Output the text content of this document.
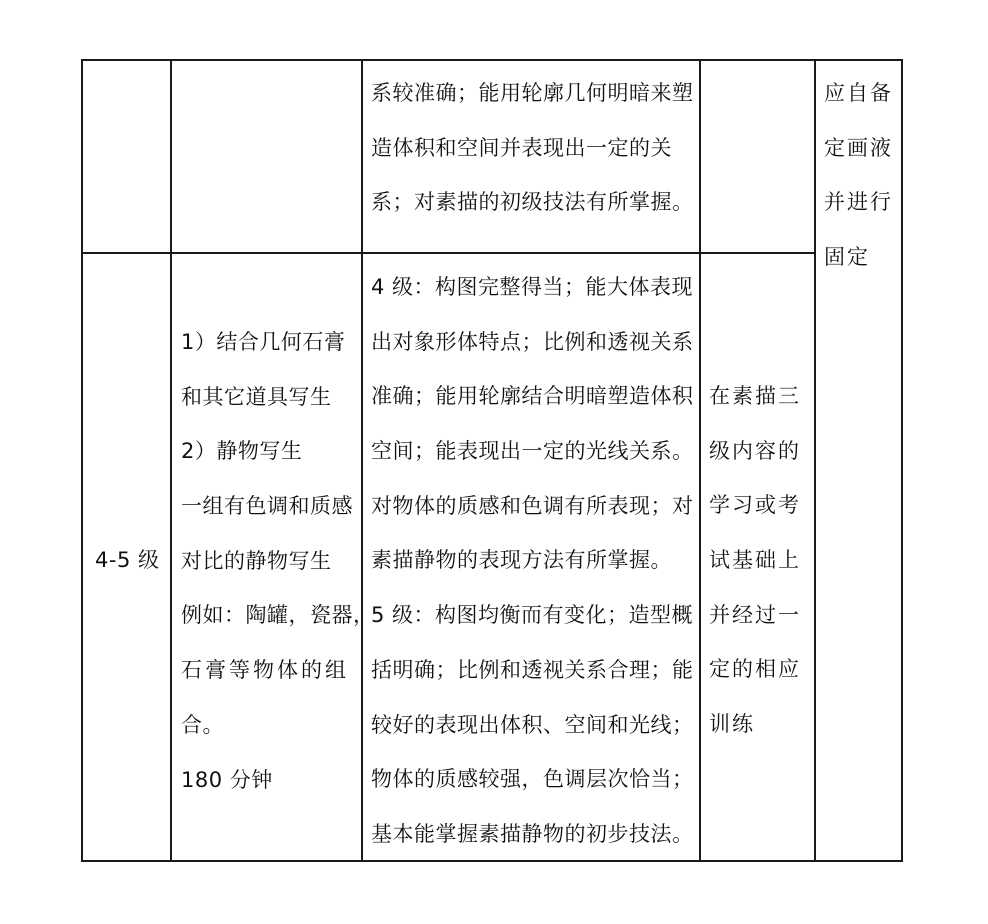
系较准确；能用轮廓几何明暗来塑
造体积和空间并表现出一定的关
系；对素描的初级技法有所掌握。
应自备
定画液
并进行
固定
4-5 级
1）结合几何石膏
和其它道具写生
2）静物写生
一组有色调和质感
对比的静物写生
例如：陶罐，瓷器，
石膏等物体的组
合。
180 分钟
4 级：构图完整得当；能大体表现
出对象形体特点；比例和透视关系
准确；能用轮廓结合明暗塑造体积
空间；能表现出一定的光线关系。
对物体的质感和色调有所表现；对
素描静物的表现方法有所掌握。
5 级：构图均衡而有变化；造型概
括明确；比例和透视关系合理；能
较好的表现出体积、空间和光线；
物体的质感较强，色调层次恰当；
基本能掌握素描静物的初步技法。
在素描三
级内容的
学习或考
试基础上
并经过一
定的相应
训练
